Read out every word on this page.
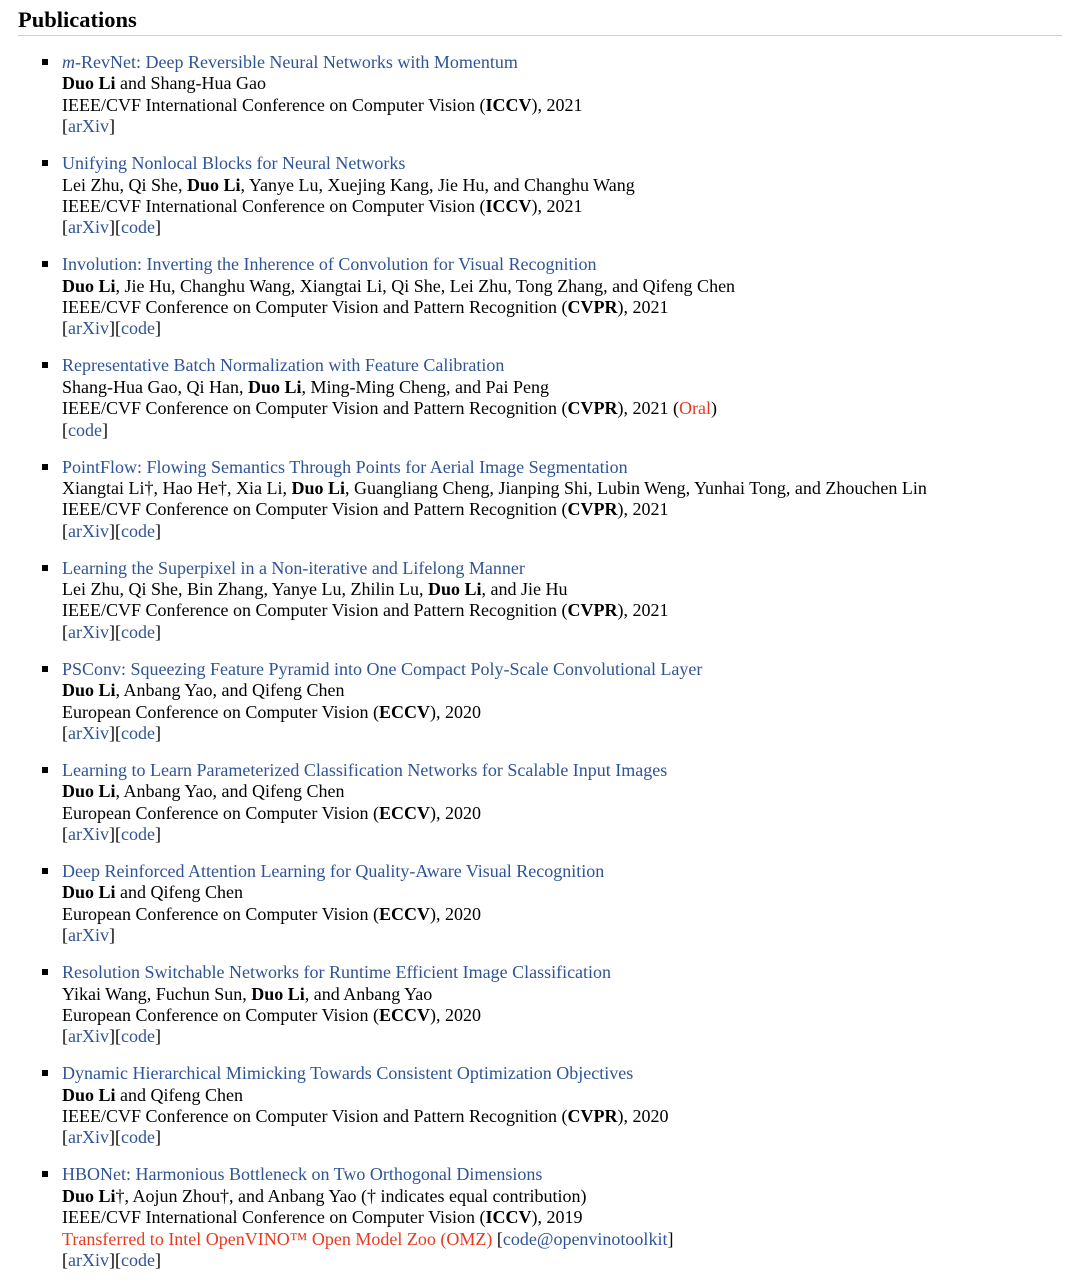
Publications
m-RevNet: Deep Reversible Neural Networks with Momentum
Duo Li and Shang-Hua Gao
IEEE/CVF International Conference on Computer Vision (ICCV), 2021
[arXiv]
Unifying Nonlocal Blocks for Neural Networks
Lei Zhu, Qi She, Duo Li, Yanye Lu, Xuejing Kang, Jie Hu, and Changhu Wang
IEEE/CVF International Conference on Computer Vision (ICCV), 2021
[arXiv][code]
Involution: Inverting the Inherence of Convolution for Visual Recognition
Duo Li, Jie Hu, Changhu Wang, Xiangtai Li, Qi She, Lei Zhu, Tong Zhang, and Qifeng Chen
IEEE/CVF Conference on Computer Vision and Pattern Recognition (CVPR), 2021
[arXiv][code]
Representative Batch Normalization with Feature Calibration
Shang-Hua Gao, Qi Han, Duo Li, Ming-Ming Cheng, and Pai Peng
IEEE/CVF Conference on Computer Vision and Pattern Recognition (CVPR), 2021 (Oral)
[code]
PointFlow: Flowing Semantics Through Points for Aerial Image Segmentation
Xiangtai Li†, Hao He†, Xia Li, Duo Li, Guangliang Cheng, Jianping Shi, Lubin Weng, Yunhai Tong, and Zhouchen Lin
IEEE/CVF Conference on Computer Vision and Pattern Recognition (CVPR), 2021
[arXiv][code]
Learning the Superpixel in a Non-iterative and Lifelong Manner
Lei Zhu, Qi She, Bin Zhang, Yanye Lu, Zhilin Lu, Duo Li, and Jie Hu
IEEE/CVF Conference on Computer Vision and Pattern Recognition (CVPR), 2021
[arXiv][code]
PSConv: Squeezing Feature Pyramid into One Compact Poly-Scale Convolutional Layer
Duo Li, Anbang Yao, and Qifeng Chen
European Conference on Computer Vision (ECCV), 2020
[arXiv][code]
Learning to Learn Parameterized Classification Networks for Scalable Input Images
Duo Li, Anbang Yao, and Qifeng Chen
European Conference on Computer Vision (ECCV), 2020
[arXiv][code]
Deep Reinforced Attention Learning for Quality-Aware Visual Recognition
Duo Li and Qifeng Chen
European Conference on Computer Vision (ECCV), 2020
[arXiv]
Resolution Switchable Networks for Runtime Efficient Image Classification
Yikai Wang, Fuchun Sun, Duo Li, and Anbang Yao
European Conference on Computer Vision (ECCV), 2020
[arXiv][code]
Dynamic Hierarchical Mimicking Towards Consistent Optimization Objectives
Duo Li and Qifeng Chen
IEEE/CVF Conference on Computer Vision and Pattern Recognition (CVPR), 2020
[arXiv][code]
HBONet: Harmonious Bottleneck on Two Orthogonal Dimensions
Duo Li†, Aojun Zhou†, and Anbang Yao († indicates equal contribution)
IEEE/CVF International Conference on Computer Vision (ICCV), 2019
Transferred to Intel OpenVINO™ Open Model Zoo (OMZ) [code@openvinotoolkit]
[arXiv][code]
